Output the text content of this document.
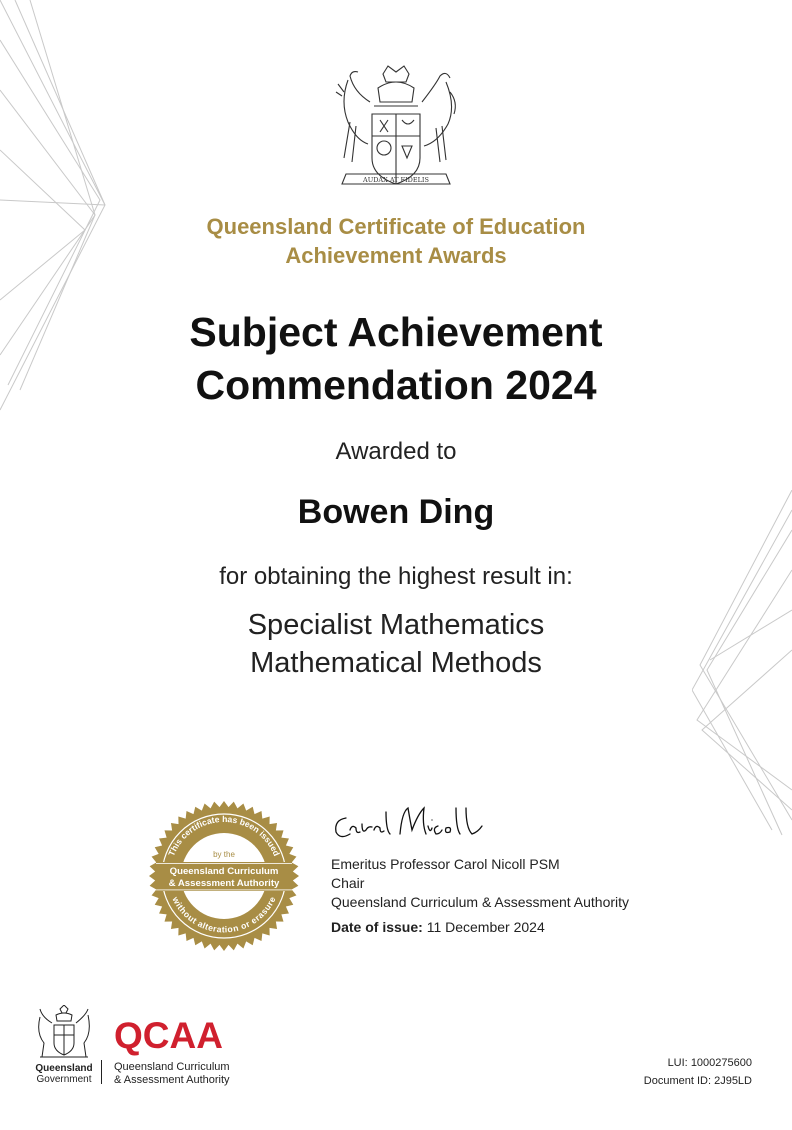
AUDAX AT FIDELIS
Queensland Certificate of Education
Achievement Awards
Subject Achievement
Commendation 2024
Awarded to
Bowen Ding
for obtaining the highest result in:
Specialist Mathematics
Mathematical Methods
This certificate has been issued
without alteration or erasure
by the
Queensland Curriculum
& Assessment Authority
Emeritus Professor Carol Nicoll PSM
Chair
Queensland Curriculum & Assessment Authority
Date of issue: 11 December 2024
Queensland
Government
QCAA
Queensland Curriculum
& Assessment Authority
LUI: 1000275600
Document ID: 2J95LD
